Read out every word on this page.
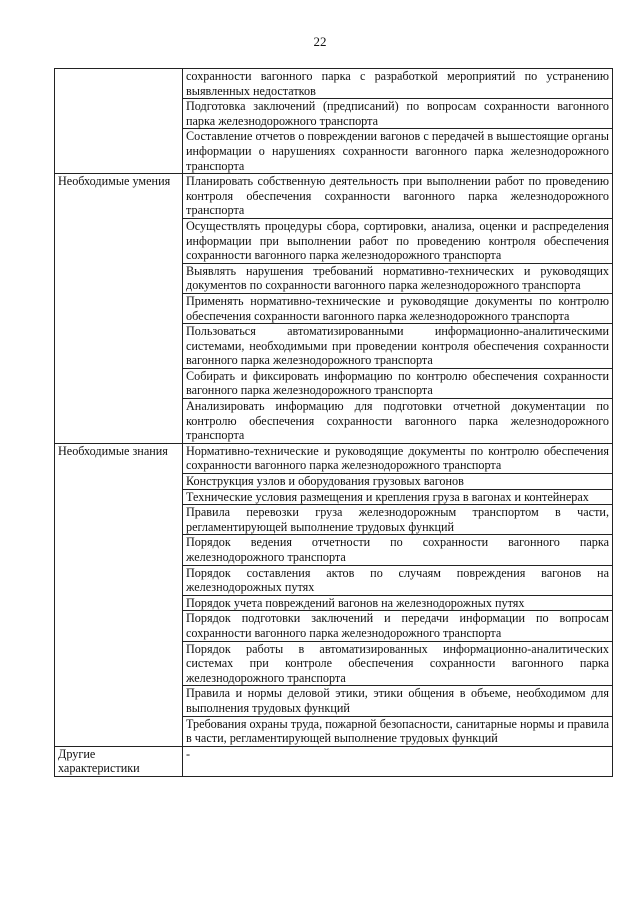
22
	сохранности вагонного парка с разработкой мероприятий по устранению выявленных недостатков
	Подготовка заключений (предписаний) по вопросам сохранности вагонного парка железнодорожного транспорта
	Составление отчетов о повреждении вагонов с передачей в вышестоящие органы информации о нарушениях сохранности вагонного парка железнодорожного транспорта
Необходимые умения	Планировать собственную деятельность при выполнении работ по проведению контроля обеспечения сохранности вагонного парка железнодорожного транспорта
	Осуществлять процедуры сбора, сортировки, анализа, оценки и распределения информации при выполнении работ по проведению контроля обеспечения сохранности вагонного парка железнодорожного транспорта
	Выявлять нарушения требований нормативно-технических и руководящих документов по сохранности вагонного парка железнодорожного транспорта
	Применять нормативно-технические и руководящие документы по контролю обеспечения сохранности вагонного парка железнодорожного транспорта
	Пользоваться автоматизированными информационно-аналитическими системами, необходимыми при проведении контроля обеспечения сохранности вагонного парка железнодорожного транспорта
	Собирать и фиксировать информацию по контролю обеспечения сохранности вагонного парка железнодорожного транспорта
	Анализировать информацию для подготовки отчетной документации по контролю обеспечения сохранности вагонного парка железнодорожного транспорта
Необходимые знания	Нормативно-технические и руководящие документы по контролю обеспечения сохранности вагонного парка железнодорожного транспорта
	Конструкция узлов и оборудования грузовых вагонов
	Технические условия размещения и крепления груза в вагонах и контейнерах
	Правила перевозки груза железнодорожным транспортом в части, регламентирующей выполнение трудовых функций
	Порядок ведения отчетности по сохранности вагонного парка железнодорожного транспорта
	Порядок составления актов по случаям повреждения вагонов на железнодорожных путях
	Порядок учета повреждений вагонов на железнодорожных путях
	Порядок подготовки заключений и передачи информации по вопросам сохранности вагонного парка железнодорожного транспорта
	Порядок работы в автоматизированных информационно-аналитических системах при контроле обеспечения сохранности вагонного парка железнодорожного транспорта
	Правила и нормы деловой этики, этики общения в объеме, необходимом для выполнения трудовых функций
	Требования охраны труда, пожарной безопасности, санитарные нормы и правила в части, регламентирующей выполнение трудовых функций
Другие характеристики	-
